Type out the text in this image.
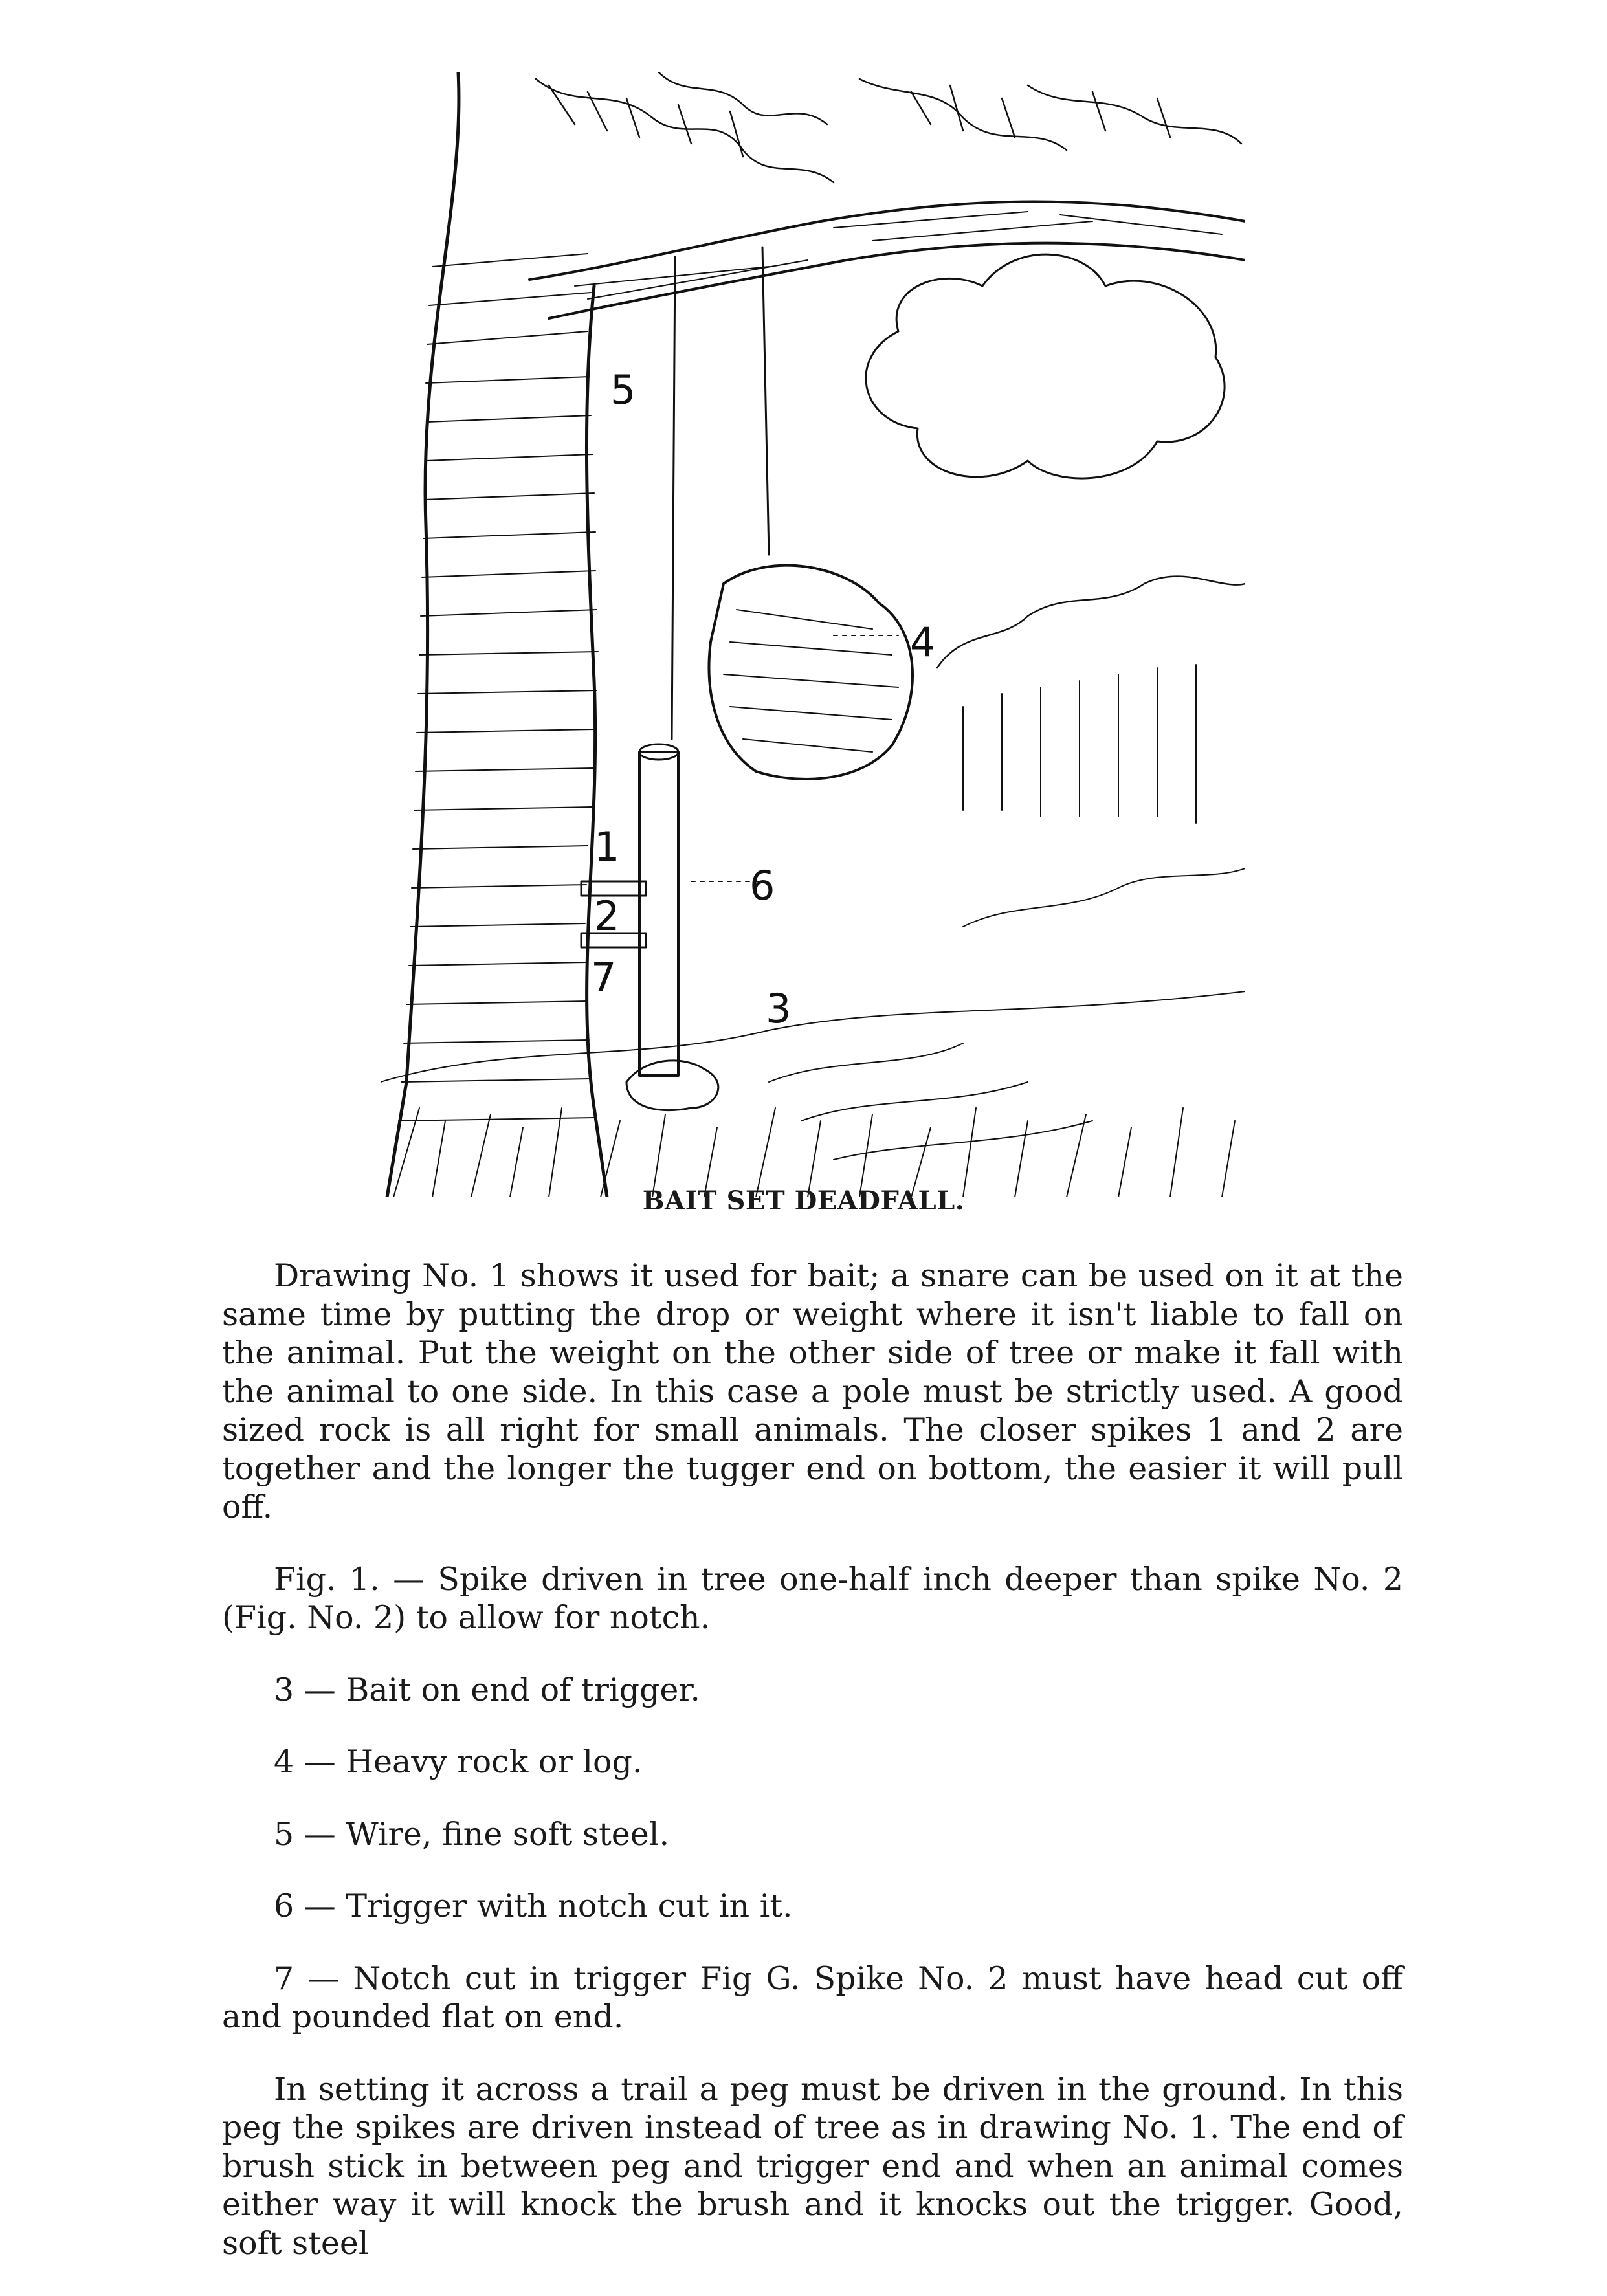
5
4
1
6
2
7
3
BAIT SET DEADFALL.

Drawing No. 1 shows it used for bait; a snare can be used on it at the same time by putting the drop or weight where it isn't liable to fall on the animal. Put the weight on the other side of tree or make it fall with the animal to one side. In this case a pole must be strictly used. A good sized rock is all right for small animals. The closer spikes 1 and 2 are together and the longer the tugger end on bottom, the easier it will pull off.

Fig. 1. — Spike driven in tree one-half inch deeper than spike No. 2 (Fig. No. 2) to allow for notch.

3 — Bait on end of trigger.

4 — Heavy rock or log.

5 — Wire, fine soft steel.

6 — Trigger with notch cut in it.

7 — Notch cut in trigger Fig G. Spike No. 2 must have head cut off and pounded flat on end.

In setting it across a trail a peg must be driven in the ground. In this peg the spikes are driven instead of tree as in drawing No. 1. The end of brush stick in between peg and trigger end and when an animal comes either way it will knock the brush and it knocks out the trigger. Good, soft steel
